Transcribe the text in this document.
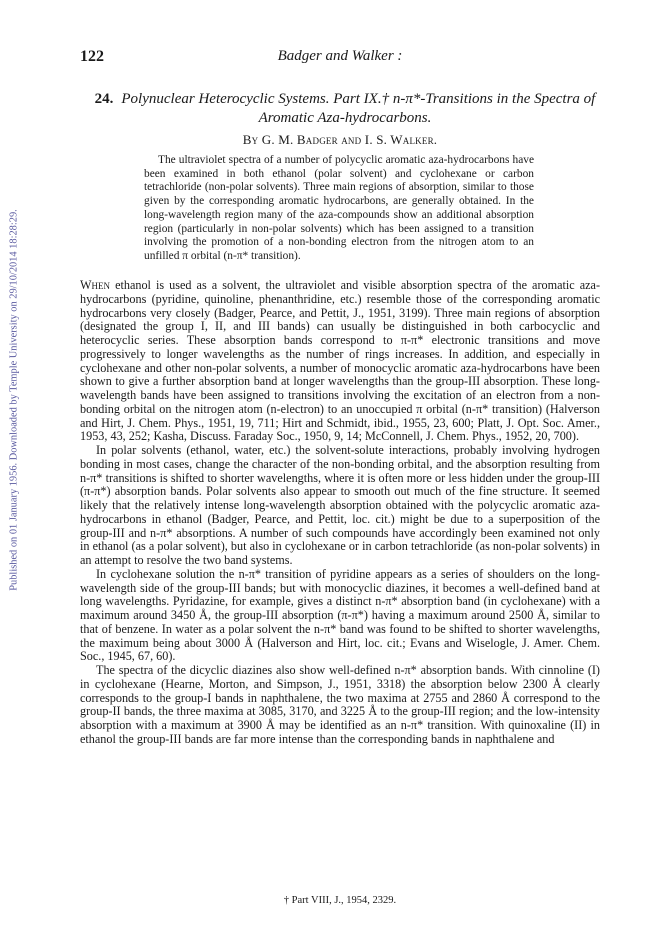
Published on 01 January 1956. Downloaded by Temple University on 29/10/2014 18:28:29.
122	Badger and Walker :
24. Polynuclear Heterocyclic Systems. Part IX.† n-π*-Transitions in the Spectra of Aromatic Aza-hydrocarbons.
By G. M. Badger and I. S. Walker.

The ultraviolet spectra of a number of polycyclic aromatic aza-hydrocarbons have been examined in both ethanol (polar solvent) and cyclohexane or carbon tetrachloride (non-polar solvents). Three main regions of absorption, similar to those given by the corresponding aromatic hydrocarbons, are generally obtained. In the long-wavelength region many of the aza-compounds show an additional absorption region (particularly in non-polar solvents) which has been assigned to a transition involving the promotion of a non-bonding electron from the nitrogen atom to an unfilled π orbital (n-π* transition).

When ethanol is used as a solvent, the ultraviolet and visible absorption spectra of the aromatic aza-hydrocarbons (pyridine, quinoline, phenanthridine, etc.) resemble those of the corresponding aromatic hydrocarbons very closely (Badger, Pearce, and Pettit, J., 1951, 3199). Three main regions of absorption (designated the group I, II, and III bands) can usually be distinguished in both carbocyclic and heterocyclic series. These absorption bands correspond to π-π* electronic transitions and move progressively to longer wavelengths as the number of rings increases. In addition, and especially in cyclohexane and other non-polar solvents, a number of monocyclic aromatic aza-hydrocarbons have been shown to give a further absorption band at longer wavelengths than the group-III absorption. These long-wavelength bands have been assigned to transitions involving the excitation of an electron from a non-bonding orbital on the nitrogen atom (n-electron) to an unoccupied π orbital (n-π* transition) (Halverson and Hirt, J. Chem. Phys., 1951, 19, 711; Hirt and Schmidt, ibid., 1955, 23, 600; Platt, J. Opt. Soc. Amer., 1953, 43, 252; Kasha, Discuss. Faraday Soc., 1950, 9, 14; McConnell, J. Chem. Phys., 1952, 20, 700).

In polar solvents (ethanol, water, etc.) the solvent-solute interactions, probably involving hydrogen bonding in most cases, change the character of the non-bonding orbital, and the absorption resulting from n-π* transitions is shifted to shorter wavelengths, where it is often more or less hidden under the group-III (π-π*) absorption bands. Polar solvents also appear to smooth out much of the fine structure. It seemed likely that the relatively intense long-wavelength absorption obtained with the polycyclic aromatic aza-hydrocarbons in ethanol (Badger, Pearce, and Pettit, loc. cit.) might be due to a superposition of the group-III and n-π* absorptions. A number of such compounds have accordingly been examined not only in ethanol (as a polar solvent), but also in cyclohexane or in carbon tetrachloride (as non-polar solvents) in an attempt to resolve the two band systems.

In cyclohexane solution the n-π* transition of pyridine appears as a series of shoulders on the long-wavelength side of the group-III bands; but with monocyclic diazines, it becomes a well-defined band at long wavelengths. Pyridazine, for example, gives a distinct n-π* absorption band (in cyclohexane) with a maximum around 3450 Å, the group-III absorption (π-π*) having a maximum around 2500 Å, similar to that of benzene. In water as a polar solvent the n-π* band was found to be shifted to shorter wavelengths, the maximum being about 3000 Å (Halverson and Hirt, loc. cit.; Evans and Wiselogle, J. Amer. Chem. Soc., 1945, 67, 60).

The spectra of the dicyclic diazines also show well-defined n-π* absorption bands. With cinnoline (I) in cyclohexane (Hearne, Morton, and Simpson, J., 1951, 3318) the absorption below 2300 Å clearly corresponds to the group-I bands in naphthalene, the two maxima at 2755 and 2860 Å correspond to the group-II bands, the three maxima at 3085, 3170, and 3225 Å to the group-III region; and the low-intensity absorption with a maximum at 3900 Å may be identified as an n-π* transition. With quinoxaline (II) in ethanol the group-III bands are far more intense than the corresponding bands in naphthalene and

† Part VIII, J., 1954, 2329.
